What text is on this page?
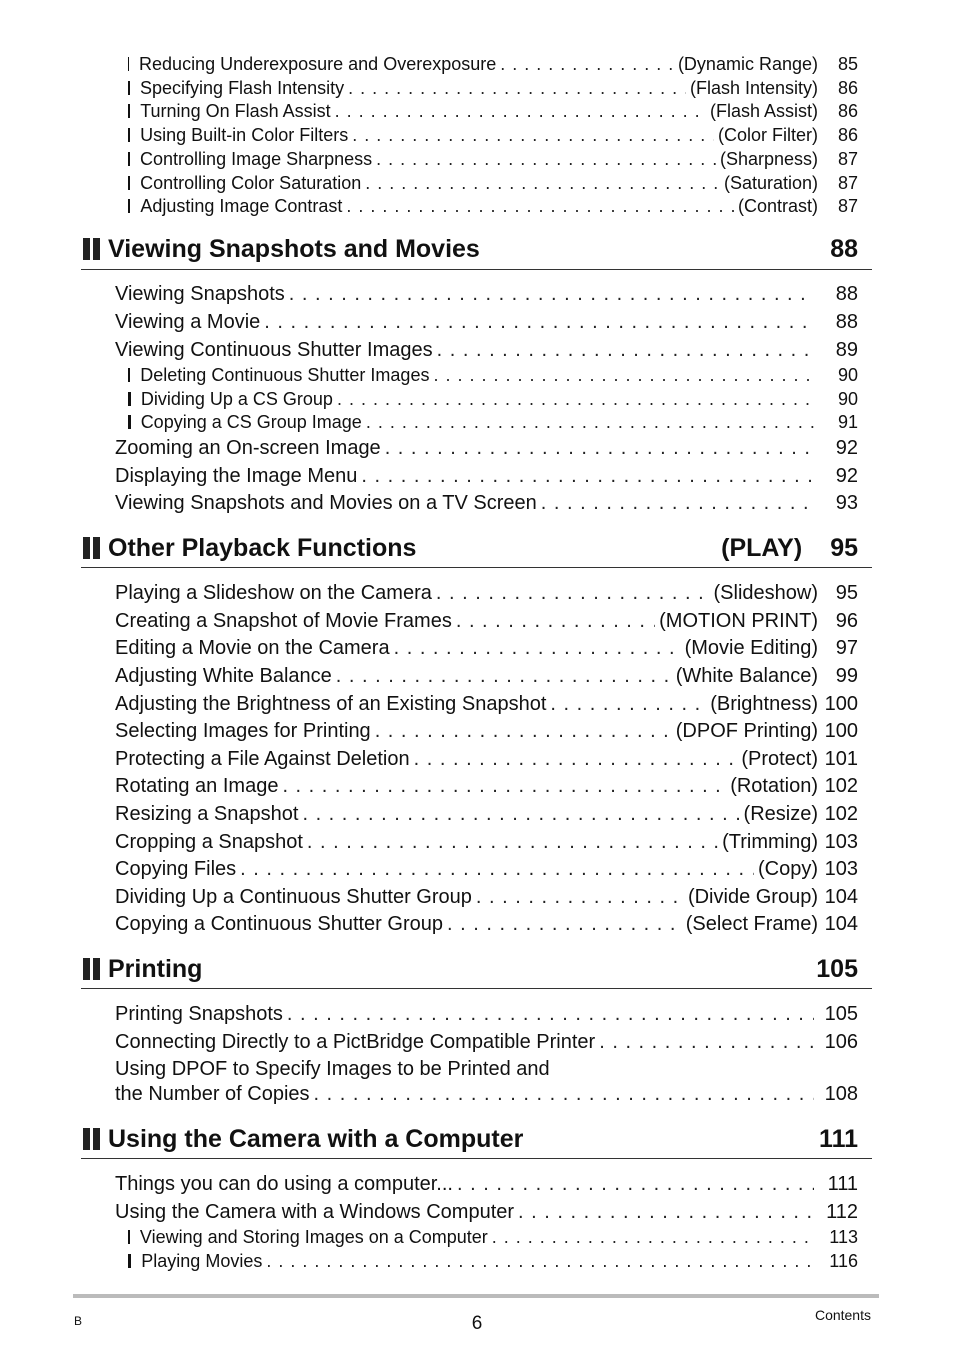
Reducing Underexposure and Overexposure . . .	(Dynamic Range)	85
Specifying Flash Intensity . . .	(Flash Intensity)	86
Turning On Flash Assist . . .	(Flash Assist)	86
Using Built-in Color Filters . . .	(Color Filter)	86
Controlling Image Sharpness . . .	(Sharpness)	87
Controlling Color Saturation . . .	(Saturation)	87
Adjusting Image Contrast . . .	(Contrast)	87
Viewing Snapshots and Movies	88
Viewing Snapshots . . .	88
Viewing a Movie . . .	88
Viewing Continuous Shutter Images . . .	89
Deleting Continuous Shutter Images . . .	90
Dividing Up a CS Group . . .	90
Copying a CS Group Image . . .	91
Zooming an On-screen Image . . .	92
Displaying the Image Menu . . .	92
Viewing Snapshots and Movies on a TV Screen . . .	93
Other Playback Functions	(PLAY) 95
Playing a Slideshow on the Camera . . .	(Slideshow) 95
Creating a Snapshot of Movie Frames . . .	(MOTION PRINT) 96
Editing a Movie on the Camera . . .	(Movie Editing) 97
Adjusting White Balance . . .	(White Balance) 99
Adjusting the Brightness of an Existing Snapshot . . .	(Brightness) 100
Selecting Images for Printing . . .	(DPOF Printing) 100
Protecting a File Against Deletion . . .	(Protect) 101
Rotating an Image . . .	(Rotation) 102
Resizing a Snapshot . . .	(Resize) 102
Cropping a Snapshot . . .	(Trimming) 103
Copying Files . . .	(Copy) 103
Dividing Up a Continuous Shutter Group . . .	(Divide Group) 104
Copying a Continuous Shutter Group . . .	(Select Frame) 104
Printing	105
Printing Snapshots . . .	105
Connecting Directly to a PictBridge Compatible Printer . . .	106
Using DPOF to Specify Images to be Printed and
the Number of Copies . . .	108
Using the Camera with a Computer	111
Things you can do using a computer... . . .	111
Using the Camera with a Windows Computer . . .	112
Viewing and Storing Images on a Computer . . .	113
Playing Movies . . .	116
B	6	Contents
